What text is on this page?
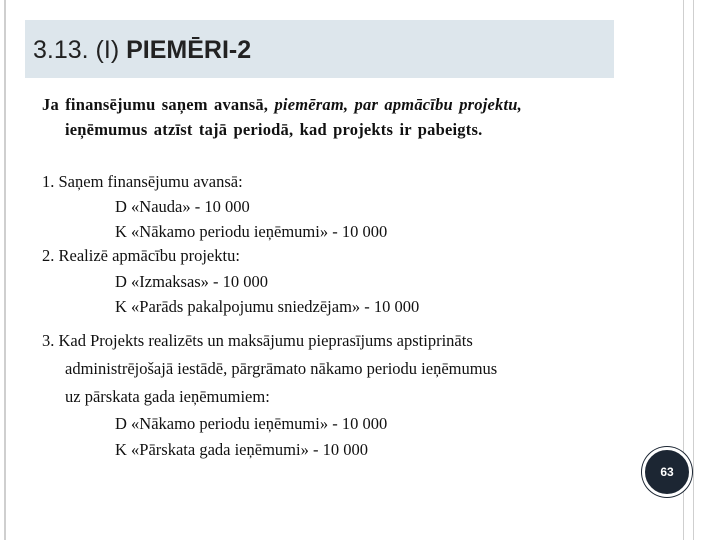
3.13. (I) PIEMĒRI-2
Ja finansējumu saņem avansā, piemēram, par apmācību projektu,
ieņēmumus atzīst tajā periodā, kad projekts ir pabeigts.
1. Saņem finansējumu avansā:
D «Nauda» - 10 000
K «Nākamo periodu ieņēmumi» - 10 000
2. Realizē apmācību projektu:
D «Izmaksas» - 10 000
K «Parāds pakalpojumu sniedzējam» - 10 000
3. Kad Projekts realizēts un maksājumu pieprasījums apstiprināts
administrējošajā iestādē, pārgrāmato nākamo periodu ieņēmumus
uz pārskata gada ieņēmumiem:
D «Nākamo periodu ieņēmumi» - 10 000
K «Pārskata gada ieņēmumi» - 10 000
63
